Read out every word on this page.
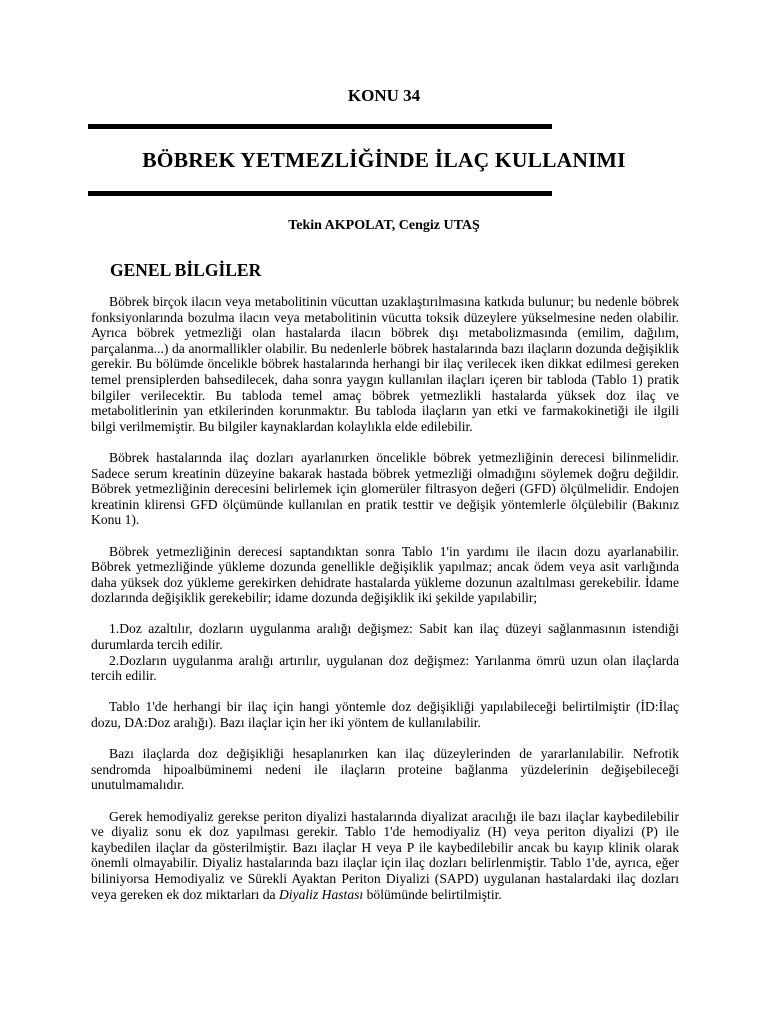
KONU 34
BÖBREK YETMEZLİĞİNDE İLAÇ KULLANIMI
Tekin AKPOLAT, Cengiz UTAŞ
GENEL BİLGİLER

Böbrek birçok ilacın veya metabolitinin vücuttan uzaklaştırılmasına katkıda bulunur; bu nedenle böbrek fonksiyonlarında bozulma ilacın veya metabolitinin vücutta toksik düzeylere yükselmesine neden olabilir. Ayrıca böbrek yetmezliği olan hastalarda ilacın böbrek dışı metabolizmasında (emilim, dağılım, parçalanma...) da anormallikler olabilir. Bu nedenlerle böbrek hastalarında bazı ilaçların dozunda değişiklik gerekir. Bu bölümde öncelikle böbrek hastalarında herhangi bir ilaç verilecek iken dikkat edilmesi gereken temel prensiplerden bahsedilecek, daha sonra yaygın kullanılan ilaçları içeren bir tabloda (Tablo 1) pratik bilgiler verilecektir. Bu tabloda temel amaç böbrek yetmezlikli hastalarda yüksek doz ilaç ve metabolitlerinin yan etkilerinden korunmaktır. Bu tabloda ilaçların yan etki ve farmakokinetiği ile ilgili bilgi verilmemiştir. Bu bilgiler kaynaklardan kolaylıkla elde edilebilir.

Böbrek hastalarında ilaç dozları ayarlanırken öncelikle böbrek yetmezliğinin derecesi bilinmelidir. Sadece serum kreatinin düzeyine bakarak hastada böbrek yetmezliği olmadığını söylemek doğru değildir. Böbrek yetmezliğinin derecesini belirlemek için glomerüler filtrasyon değeri (GFD) ölçülmelidir. Endojen kreatinin klirensi GFD ölçümünde kullanılan en pratik testtir ve değişik yöntemlerle ölçülebilir (Bakınız Konu 1).

Böbrek yetmezliğinin derecesi saptandıktan sonra Tablo 1'in yardımı ile ilacın dozu ayarlanabilir. Böbrek yetmezliğinde yükleme dozunda genellikle değişiklik yapılmaz; ancak ödem veya asit varlığında daha yüksek doz yükleme gerekirken dehidrate hastalarda yükleme dozunun azaltılması gerekebilir. İdame dozlarında değişiklik gerekebilir; idame dozunda değişiklik iki şekilde yapılabilir;

1.Doz azaltılır, dozların uygulanma aralığı değişmez: Sabit kan ilaç düzeyi sağlanmasının istendiği durumlarda tercih edilir.

2.Dozların uygulanma aralığı artırılır, uygulanan doz değişmez: Yarılanma ömrü uzun olan ilaçlarda tercih edilir.

Tablo 1'de herhangi bir ilaç için hangi yöntemle doz değişikliği yapılabileceği belirtilmiştir (İD:İlaç dozu, DA:Doz aralığı). Bazı ilaçlar için her iki yöntem de kullanılabilir.

Bazı ilaçlarda doz değişikliği hesaplanırken kan ilaç düzeylerinden de yararlanılabilir. Nefrotik sendromda hipoalbüminemi nedeni ile ilaçların proteine bağlanma yüzdelerinin değişebileceği unutulmamalıdır.

Gerek hemodiyaliz gerekse periton diyalizi hastalarında diyalizat aracılığı ile bazı ilaçlar kaybedilebilir ve diyaliz sonu ek doz yapılması gerekir. Tablo 1'de hemodiyaliz (H) veya periton diyalizi (P) ile kaybedilen ilaçlar da gösterilmiştir. Bazı ilaçlar H veya P ile kaybedilebilir ancak bu kayıp klinik olarak önemli olmayabilir. Diyaliz hastalarında bazı ilaçlar için ilaç dozları belirlenmiştir. Tablo 1'de, ayrıca, eğer biliniyorsa Hemodiyaliz ve Sürekli Ayaktan Periton Diyalizi (SAPD) uygulanan hastalardaki ilaç dozları veya gereken ek doz miktarları da Diyaliz Hastası bölümünde belirtilmiştir.
